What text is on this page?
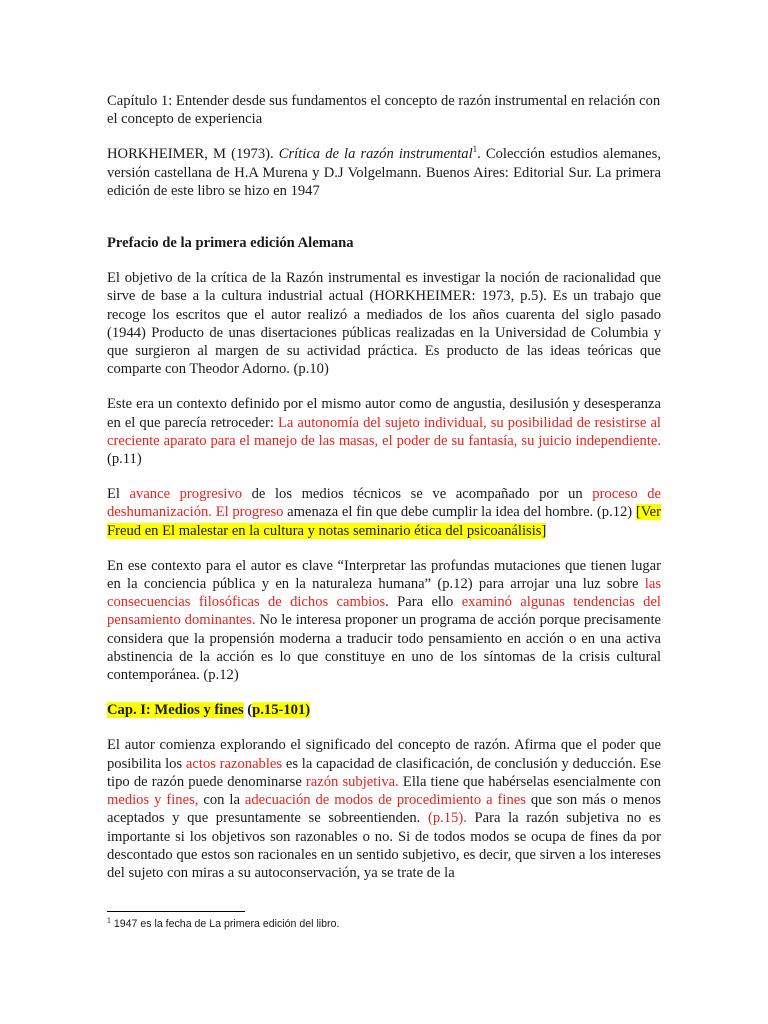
Capítulo 1: Entender desde sus fundamentos el concepto de razón instrumental en relación con el concepto de experiencia

HORKHEIMER, M (1973). Crítica de la razón instrumental$^1$. Colección estudios alemanes, versión castellana de H.A Murena y D.J Volgelmann. Buenos Aires: Editorial Sur. La primera edición de este libro se hizo en 1947

Prefacio de la primera edición Alemana

El objetivo de la crítica de la Razón instrumental es investigar la noción de racionalidad que sirve de base a la cultura industrial actual (HORKHEIMER: 1973, p.5). Es un trabajo que recoge los escritos que el autor realizó a mediados de los años cuarenta del siglo pasado (1944) Producto de unas disertaciones públicas realizadas en la Universidad de Columbia y que surgieron al margen de su actividad práctica. Es producto de las ideas teóricas que comparte con Theodor Adorno. (p.10)

Este era un contexto definido por el mismo autor como de angustia, desilusión y desesperanza en el que parecía retroceder: La autonomía del sujeto individual, su posibilidad de resistirse al creciente aparato para el manejo de las masas, el poder de su fantasía, su juicio independiente. (p.11)

El avance progresivo de los medios técnicos se ve acompañado por un proceso de deshumanización. El progreso amenaza el fin que debe cumplir la idea del hombre. (p.12) [Ver Freud en El malestar en la cultura y notas seminario ética del psicoanálisis]

En ese contexto para el autor es clave “Interpretar las profundas mutaciones que tienen lugar en la conciencia pública y en la naturaleza humana” (p.12) para arrojar una luz sobre las consecuencias filosóficas de dichos cambios. Para ello examinó algunas tendencias del pensamiento dominantes. No le interesa proponer un programa de acción porque precisamente considera que la propensión moderna a traducir todo pensamiento en acción o en una activa abstinencia de la acción es lo que constituye en uno de los síntomas de la crisis cultural contemporánea. (p.12)

Cap. I: Medios y fines (p.15-101)

El autor comienza explorando el significado del concepto de razón. Afirma que el poder que posibilita los actos razonables es la capacidad de clasificación, de conclusión y deducción. Ese tipo de razón puede denominarse razón subjetiva. Ella tiene que habérselas esencialmente con medios y fines, con la adecuación de modos de procedimiento a fines que son más o menos aceptados y que presuntamente se sobreentienden. (p.15). Para la razón subjetiva no es importante si los objetivos son razonables o no. Si de todos modos se ocupa de fines da por descontado que estos son racionales en un sentido subjetivo, es decir, que sirven a los intereses del sujeto con miras a su autoconservación, ya se trate de la

$^1$ 1947 es la fecha de La primera edición del libro.
